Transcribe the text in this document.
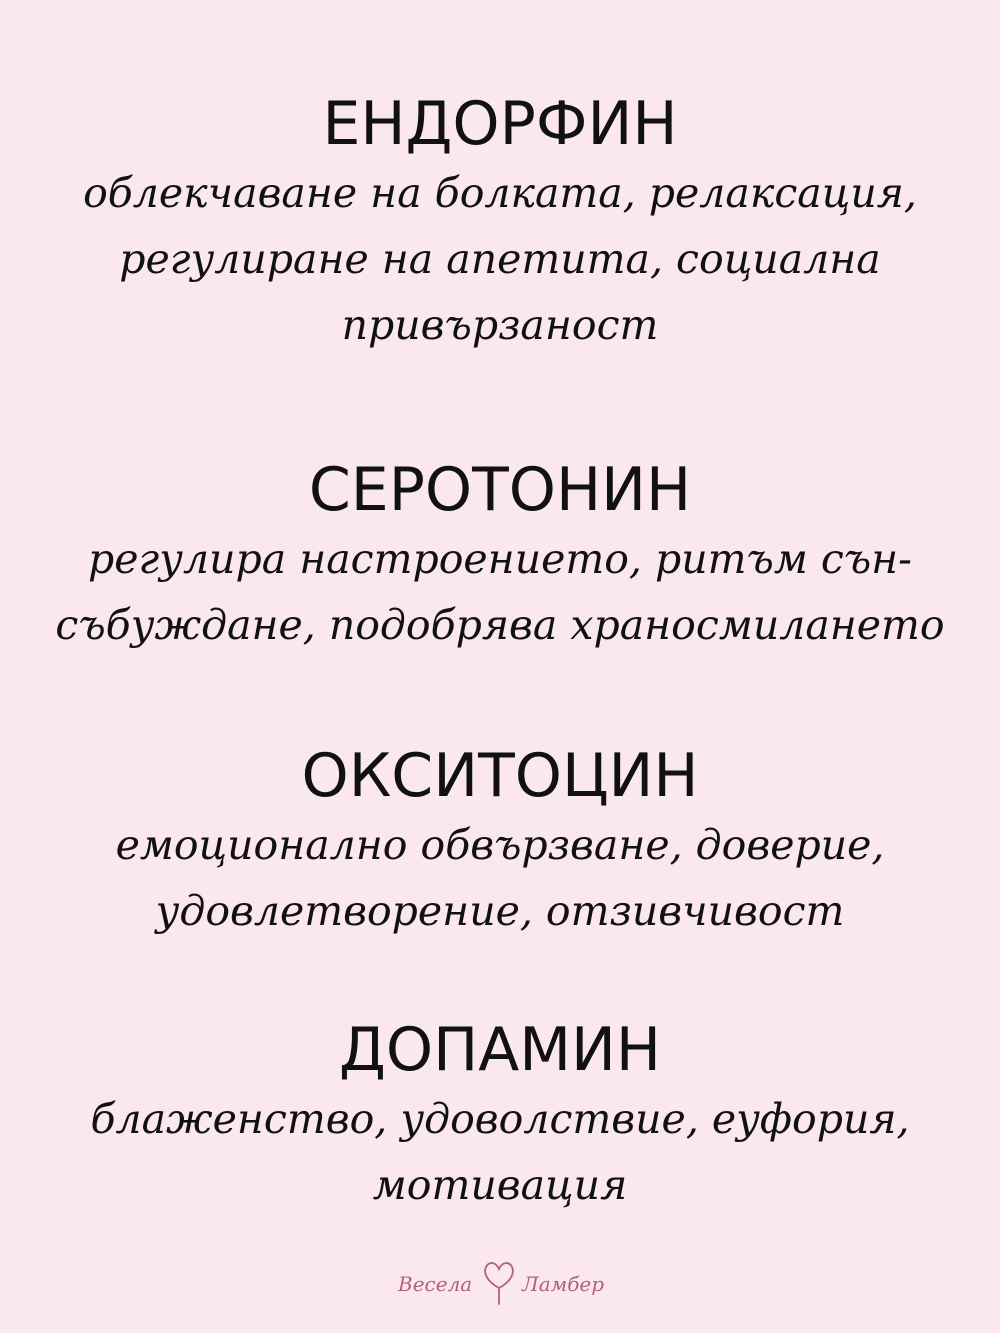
ЕНДОРФИН
облекчаване на болката, релаксация,
регулиране на апетита, социална
привързаност
СЕРОТОНИН
регулира настроението, ритъм сън-
събуждане, подобрява храносмилането
ОКСИТОЦИН
емоционално обвързване, доверие,
удовлетворение, отзивчивост
ДОПАМИН
блаженство, удоволствие, еуфория,
мотивация
Весела Ламбер
